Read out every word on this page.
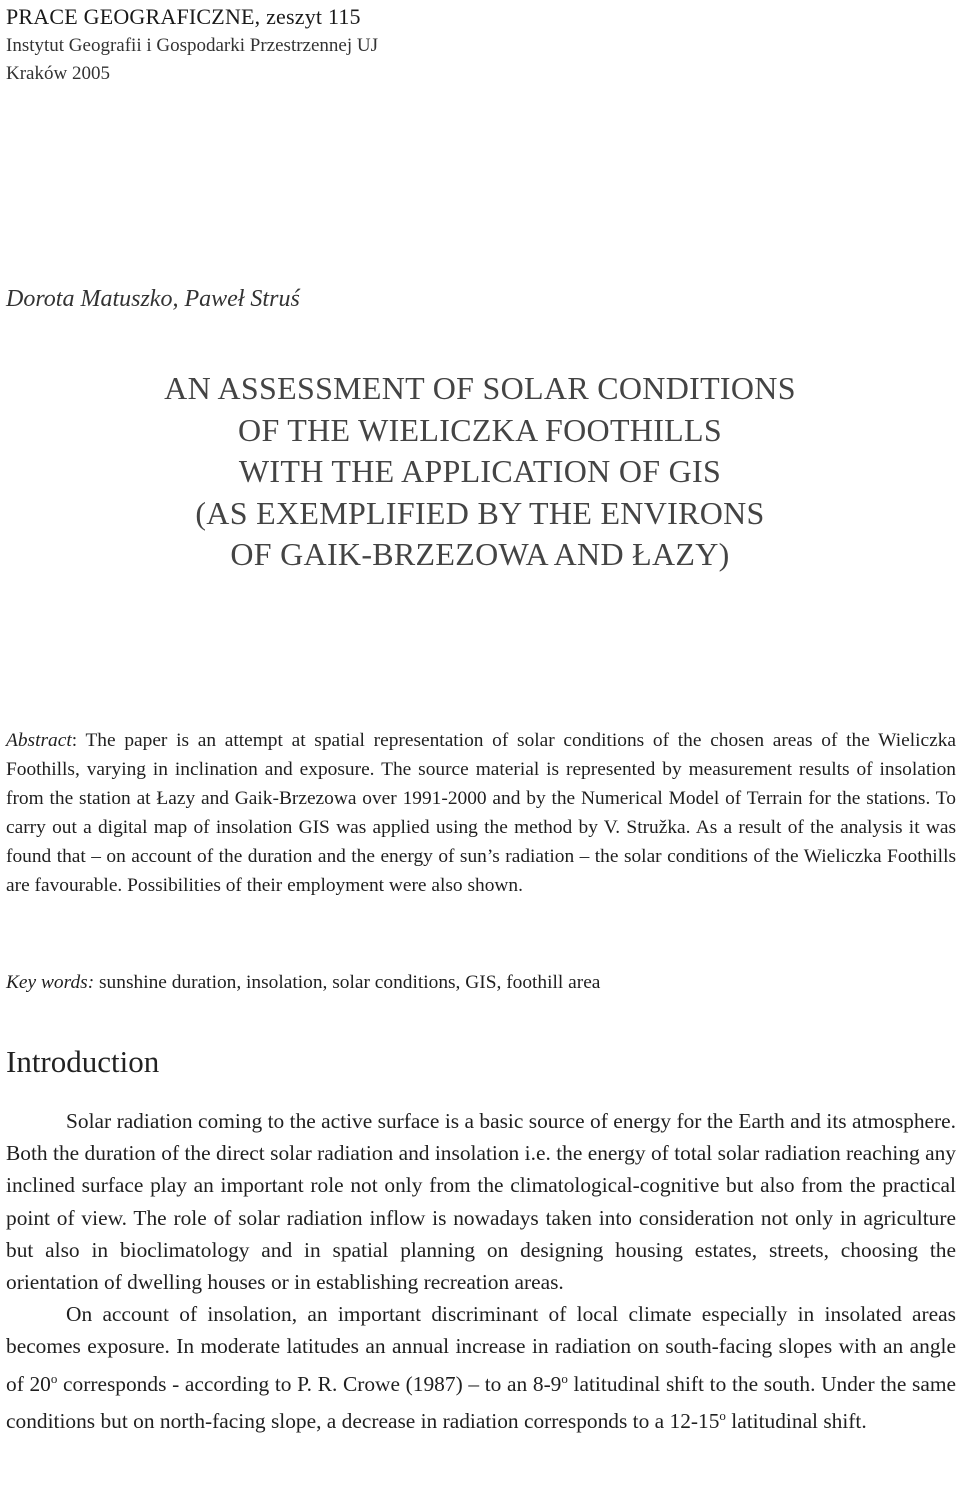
PRACE GEOGRAFICZNE, zeszyt 115
Instytut Geografii i Gospodarki Przestrzennej UJ
Kraków 2005
Dorota Matuszko, Paweł Struś
AN ASSESSMENT OF SOLAR CONDITIONS
OF THE WIELICZKA FOOTHILLS
WITH THE APPLICATION OF GIS
(AS EXEMPLIFIED BY THE ENVIRONS
OF GAIK-BRZEZOWA AND ŁAZY)
Abstract: The paper is an attempt at spatial representation of solar conditions of the chosen areas of the Wieliczka Foothills, varying in inclination and exposure. The source material is represented by measurement results of insolation from the station at Łazy and Gaik-Brzezowa over 1991-2000 and by the Numerical Model of Terrain for the stations. To carry out a digital map of insolation GIS was applied using the method by V. Stružka. As a result of the analysis it was found that – on account of the duration and the energy of sun’s radiation – the solar conditions of the Wieliczka Foothills are favourable. Possibilities of their employment were also shown.
Key words: sunshine duration, insolation, solar conditions, GIS, foothill area
Introduction

Solar radiation coming to the active surface is a basic source of energy for the Earth and its atmosphere. Both the duration of the direct solar radiation and insolation i.e. the energy of total solar radiation reaching any inclined surface play an important role not only from the climatological-cognitive but also from the practical point of view. The role of solar radiation inflow is nowadays taken into consideration not only in agriculture but also in bioclimatology and in spatial planning on designing housing estates, streets, choosing the orientation of dwelling houses or in establishing recreation areas.

On account of insolation, an important discriminant of local climate especially in insolated areas becomes exposure. In moderate latitudes an annual increase in radiation on south-facing slopes with an angle of 20$^o$ corresponds - according to P. R. Crowe (1987) – to an 8-9$^o$ latitudinal shift to the south. Under the same conditions but on north-facing slope, a decrease in radiation corresponds to a 12-15$^o$ latitudinal shift.
